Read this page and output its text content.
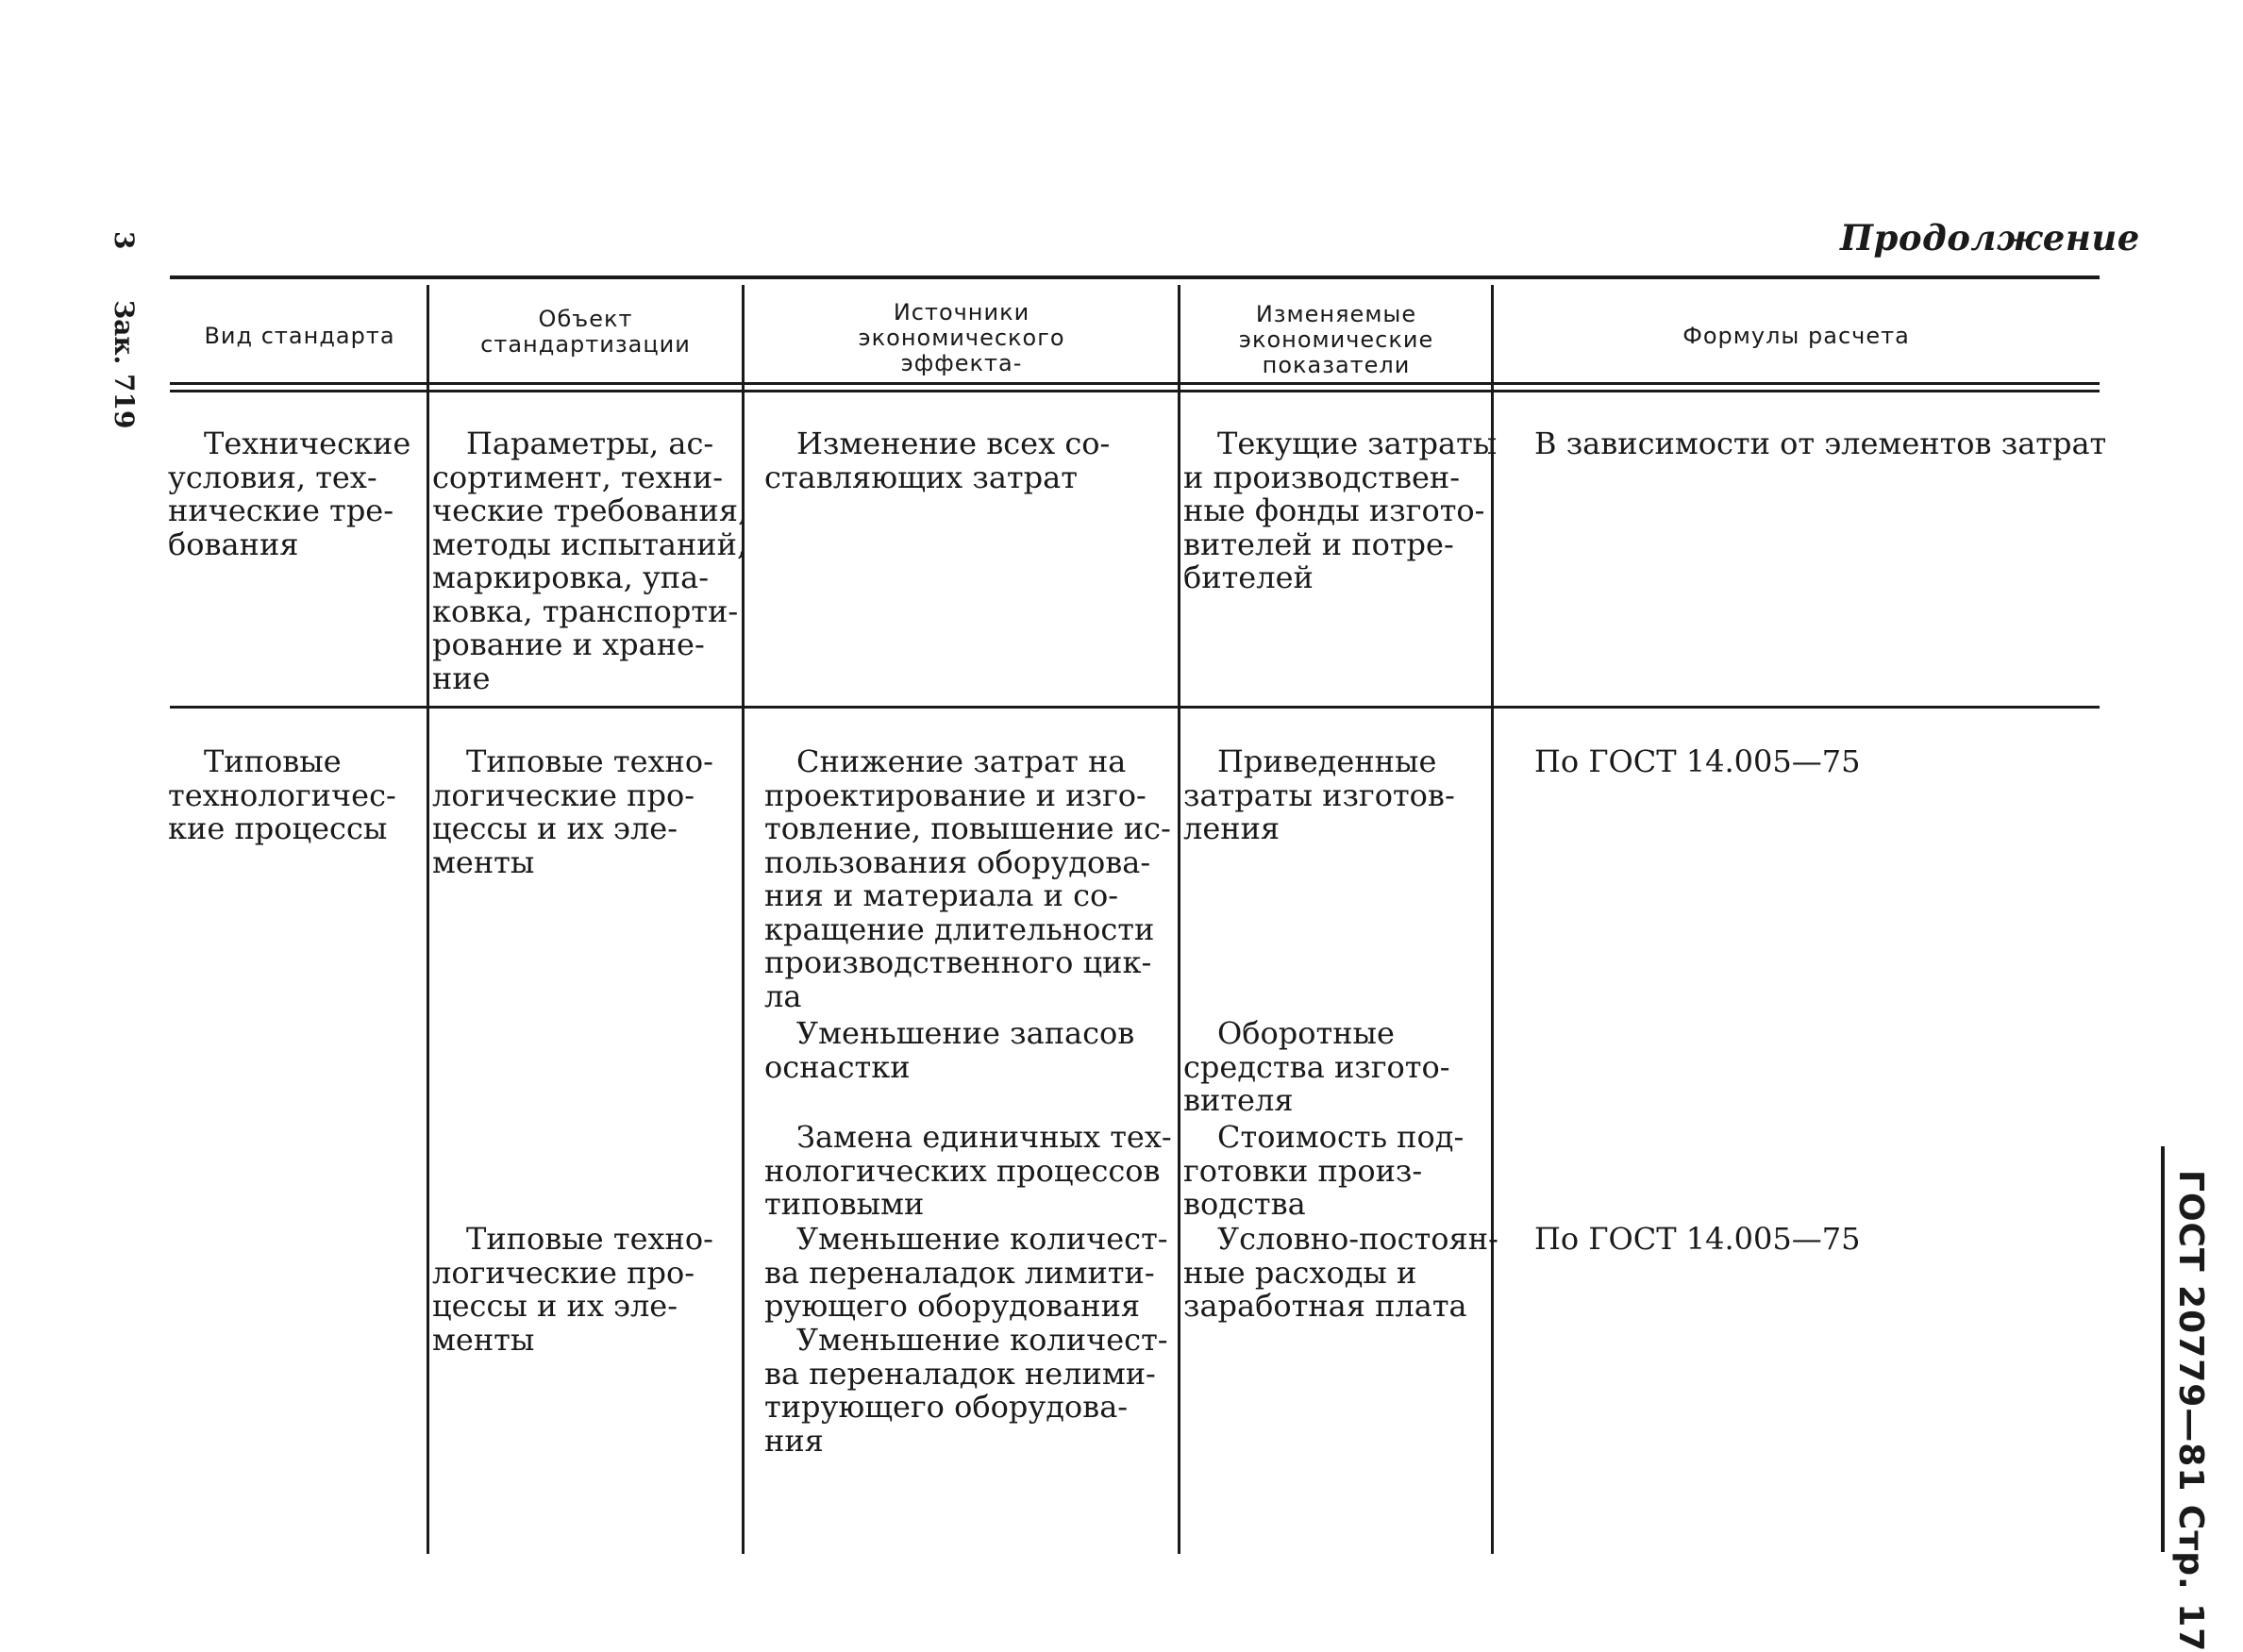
Продолжение
3
Зак. 719
ГОСТ 20779—81 Стр. 17
Вид стандарта
Объект
стандартизации
Источники
экономического
эффекта-
Изменяемые
экономические
показатели
Формулы расчета
Технические
условия, тех-
нические тре-
бования
Параметры, ас-
сортимент, техни-
ческие требования,
методы испытаний,
маркировка, упа-
ковка, транспорти-
рование и хране-
ние
Изменение всех со-
ставляющих затрат
Текущие затраты
и производствен-
ные фонды изгото-
вителей и потре-
бителей
В зависимости от элементов затрат
Типовые
технологичес-
кие процессы
Типовые техно-
логические про-
цессы и их эле-
менты
Типовые техно-
логические про-
цессы и их эле-
менты
Снижение затрат на
проектирование и изго-
товление, повышение ис-
пользования оборудова-
ния и материала и со-
кращение длительности
производственного цик-
ла
Уменьшение запасов
оснастки
Замена единичных тех-
нологических процессов
типовыми
Уменьшение количест-
ва переналадок лимити-
рующего оборудования
Уменьшение количест-
ва переналадок нелими-
тирующего оборудова-
ния
Приведенные
затраты изготов-
ления
Оборотные
средства изгото-
вителя
Стоимость под-
готовки произ-
водства
Условно-постоян-
ные расходы и
заработная плата
По ГОСТ 14.005—75
По ГОСТ 14.005—75
